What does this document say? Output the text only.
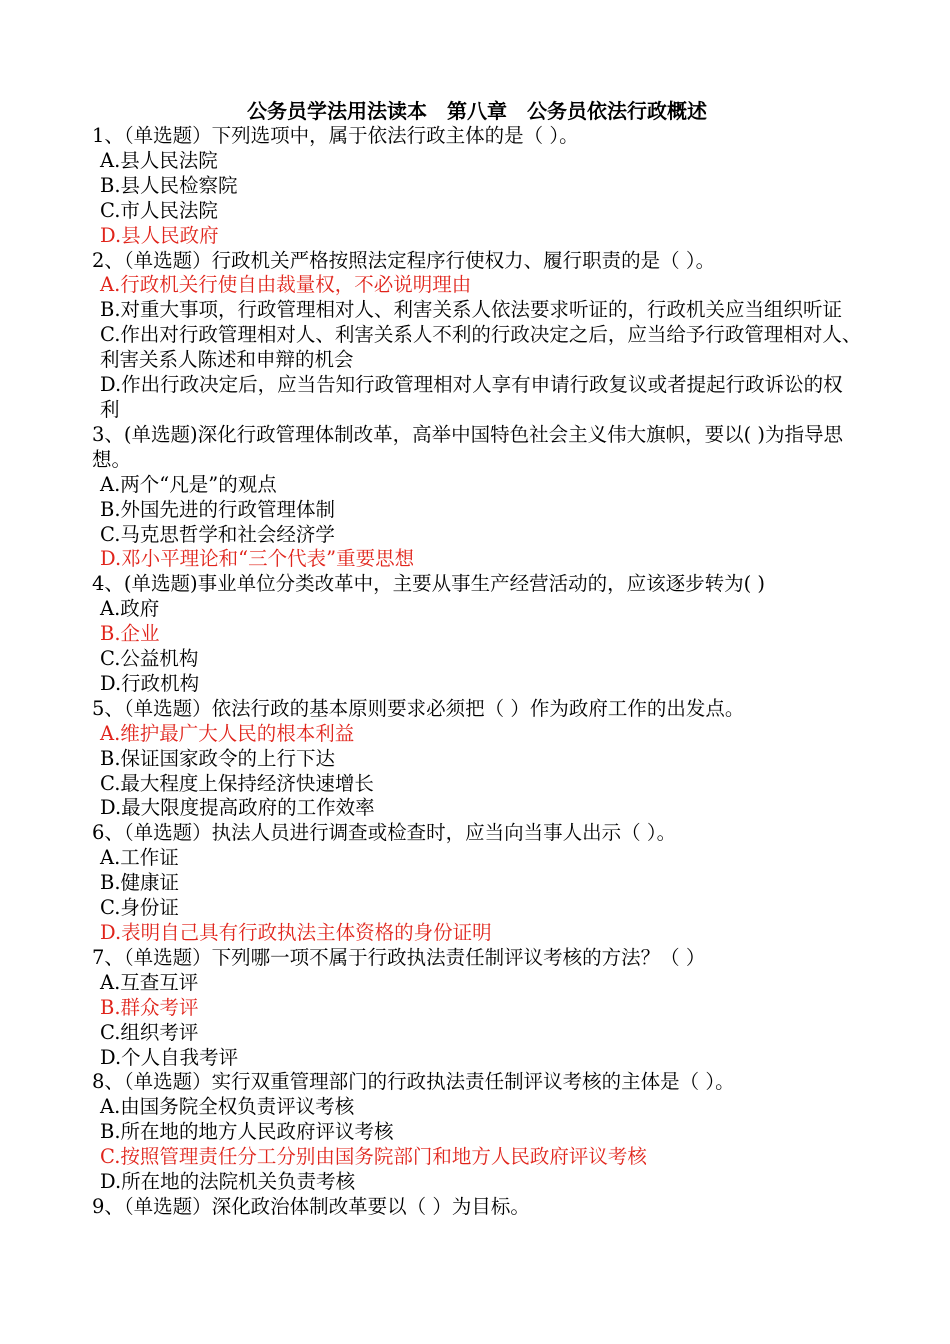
公务员学法用法读本　第八章　公务员依法行政概述
1、（单选题）下列选项中，属于依法行政主体的是（ ）。
A.县人民法院
B.县人民检察院
C.市人民法院
D.县人民政府
2、（单选题）行政机关严格按照法定程序行使权力、履行职责的是（ ）。
A.行政机关行使自由裁量权，不必说明理由
B.对重大事项，行政管理相对人、利害关系人依法要求听证的，行政机关应当组织听证
C.作出对行政管理相对人、利害关系人不利的行政决定之后，应当给予行政管理相对人、利害关系人陈述和申辩的机会
D.作出行政决定后，应当告知行政管理相对人享有申请行政复议或者提起行政诉讼的权利
3、(单选题)深化行政管理体制改革，高举中国特色社会主义伟大旗帜，要以( )为指导思想。
A.两个“凡是”的观点
B.外国先进的行政管理体制
C.马克思哲学和社会经济学
D.邓小平理论和“三个代表”重要思想
4、(单选题)事业单位分类改革中，主要从事生产经营活动的，应该逐步转为( )
A.政府
B.企业
C.公益机构
D.行政机构
5、（单选题）依法行政的基本原则要求必须把（ ）作为政府工作的出发点。
A.维护最广大人民的根本利益
B.保证国家政令的上行下达
C.最大程度上保持经济快速增长
D.最大限度提高政府的工作效率
6、（单选题）执法人员进行调查或检查时，应当向当事人出示（ ）。
A.工作证
B.健康证
C.身份证
D.表明自己具有行政执法主体资格的身份证明
7、（单选题）下列哪一项不属于行政执法责任制评议考核的方法？（ ）
A.互查互评
B.群众考评
C.组织考评
D.个人自我考评
8、（单选题）实行双重管理部门的行政执法责任制评议考核的主体是（ ）。
A.由国务院全权负责评议考核
B.所在地的地方人民政府评议考核
C.按照管理责任分工分别由国务院部门和地方人民政府评议考核
D.所在地的法院机关负责考核
9、（单选题）深化政治体制改革要以（ ）为目标。
